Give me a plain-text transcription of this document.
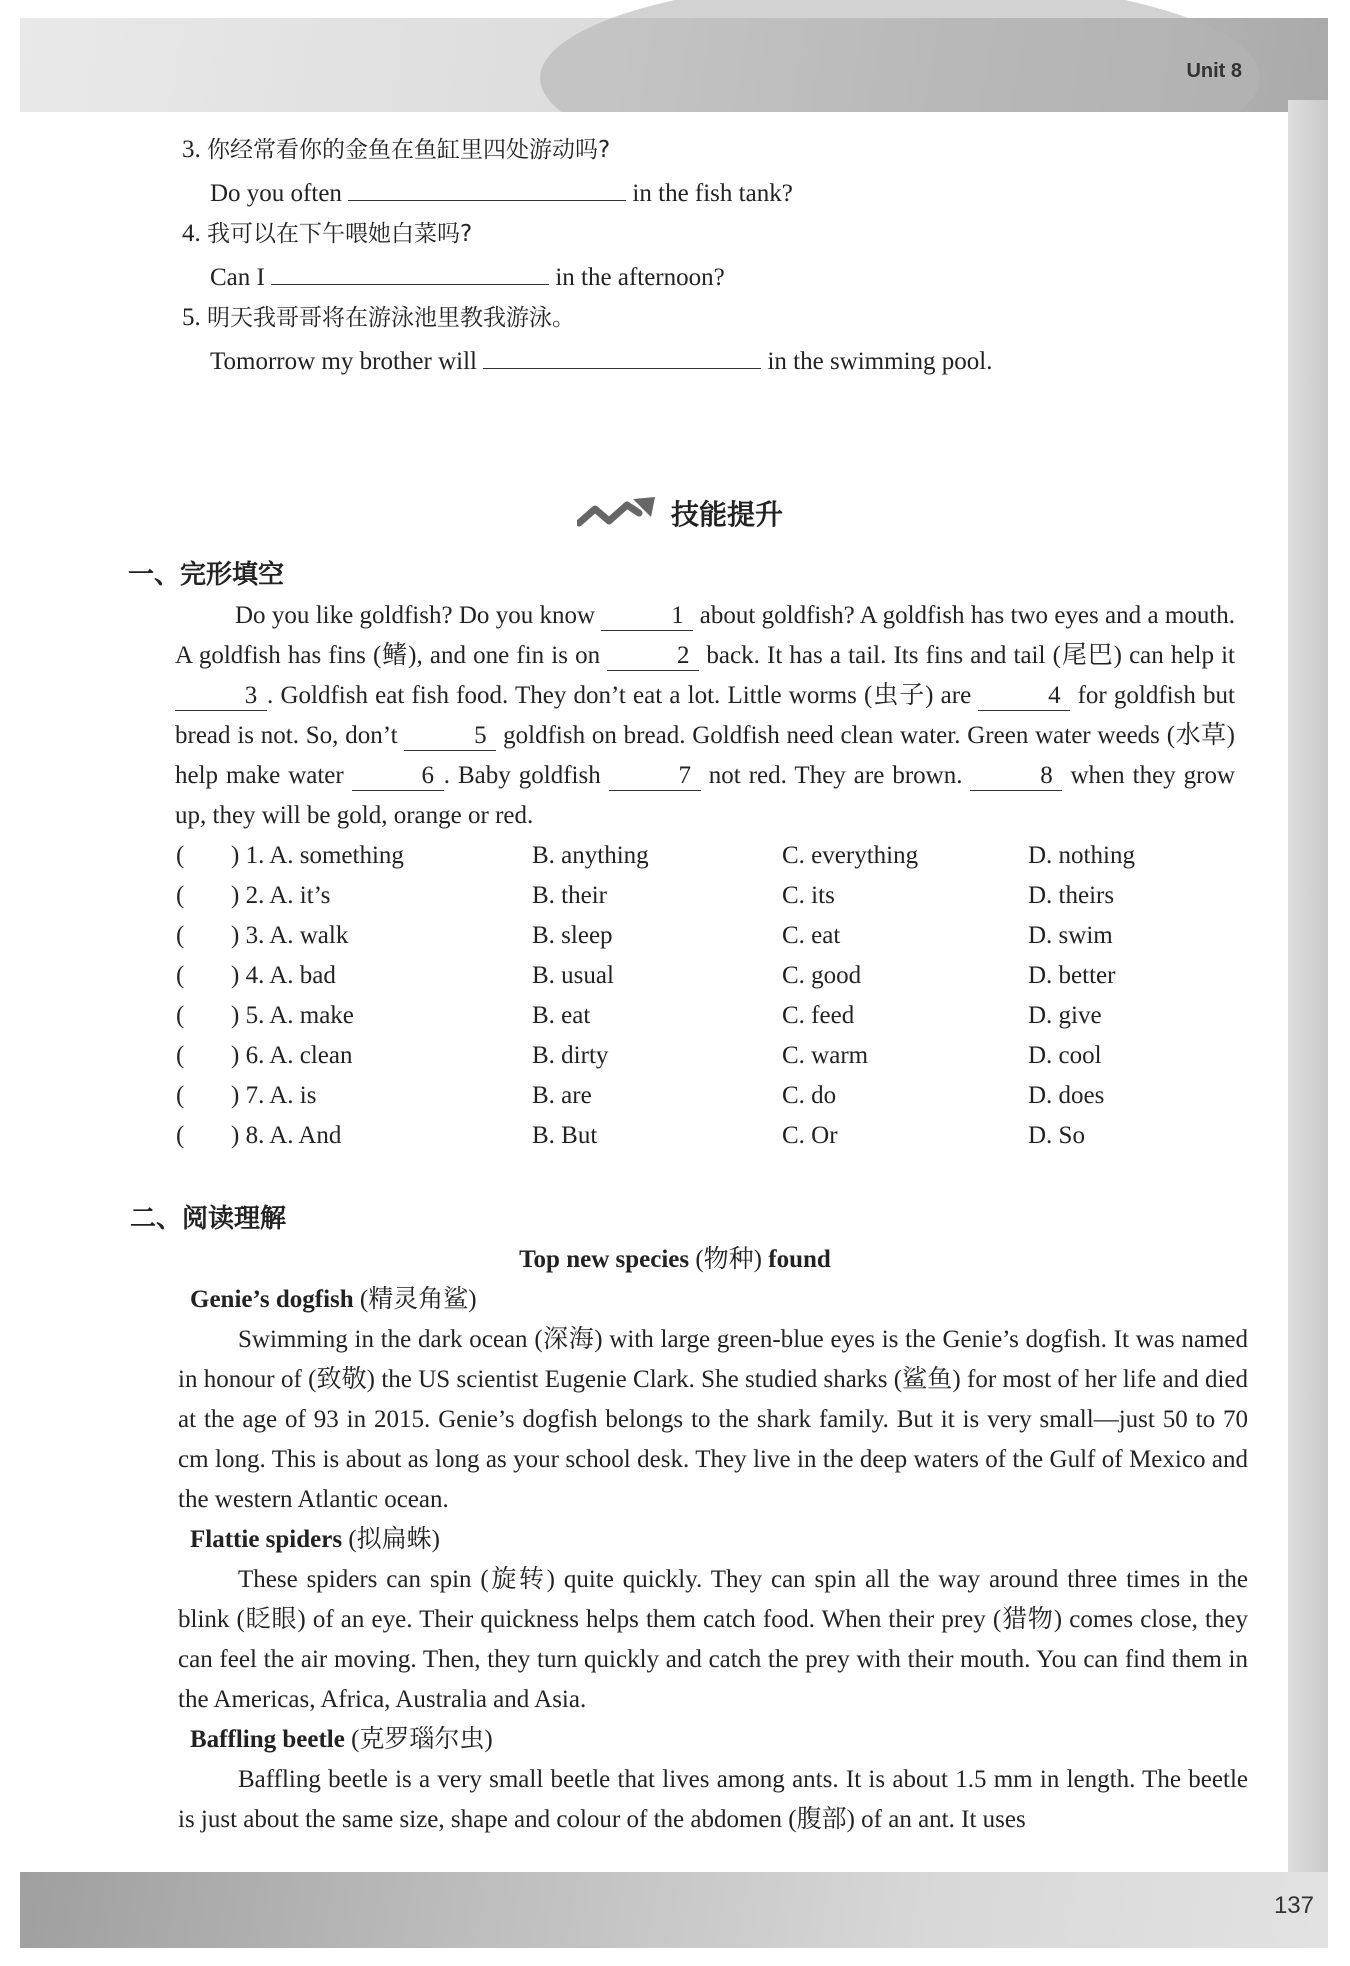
Unit 8
137
3. 你经常看你的金鱼在鱼缸里四处游动吗?
Do you often	in the fish tank?
4. 我可以在下午喂她白菜吗?
Can I	in the afternoon?
5. 明天我哥哥将在游泳池里教我游泳。
Tomorrow my brother will	in the swimming pool.
技能提升
一、完形填空

Do you like goldfish? Do you know	1 about goldfish? A goldfish has two eyes and a mouth. A goldfish has fins (鳍), and one fin is on	2 back. It has a tail. Its fins and tail (尾巴) can help it 3 . Goldfish eat fish food. They don’t eat a lot. Little worms (虫子) are	4 for goldfish but bread is not. So, don’t	5 goldfish on bread. Goldfish need clean water. Green water weeds (水草) help make water	6 . Baby goldfish	7 not red. They are brown.	8 when they grow up, they will be gold, orange or red.

( ) 1. A. something	B. anything	C. everything	D. nothing
( ) 2. A. it’s	B. their	C. its	D. theirs
( ) 3. A. walk	B. sleep	C. eat	D. swim
( ) 4. A. bad	B. usual	C. good	D. better
( ) 5. A. make	B. eat	C. feed	D. give
( ) 6. A. clean	B. dirty	C. warm	D. cool
( ) 7. A. is	B. are	C. do	D. does
( ) 8. A. And	B. But	C. Or	D. So
二、阅读理解
Top new species (物种) found

Genie’s dogfish (精灵角鲨)

Swimming in the dark ocean (深海) with large green-blue eyes is the Genie’s dogfish. It was named in honour of (致敬) the US scientist Eugenie Clark. She studied sharks (鲨鱼) for most of her life and died at the age of 93 in 2015. Genie’s dogfish belongs to the shark family. But it is very small—just 50 to 70 cm long. This is about as long as your school desk. They live in the deep waters of the Gulf of Mexico and the western Atlantic ocean.

Flattie spiders (拟扁蛛)

These spiders can spin (旋转) quite quickly. They can spin all the way around three times in the blink (眨眼) of an eye. Their quickness helps them catch food. When their prey (猎物) comes close, they can feel the air moving. Then, they turn quickly and catch the prey with their mouth. You can find them in the Americas, Africa, Australia and Asia.

Baffling beetle (克罗瑙尔虫)

Baffling beetle is a very small beetle that lives among ants. It is about 1.5 mm in length. The beetle is just about the same size, shape and colour of the abdomen (腹部) of an ant. It uses
